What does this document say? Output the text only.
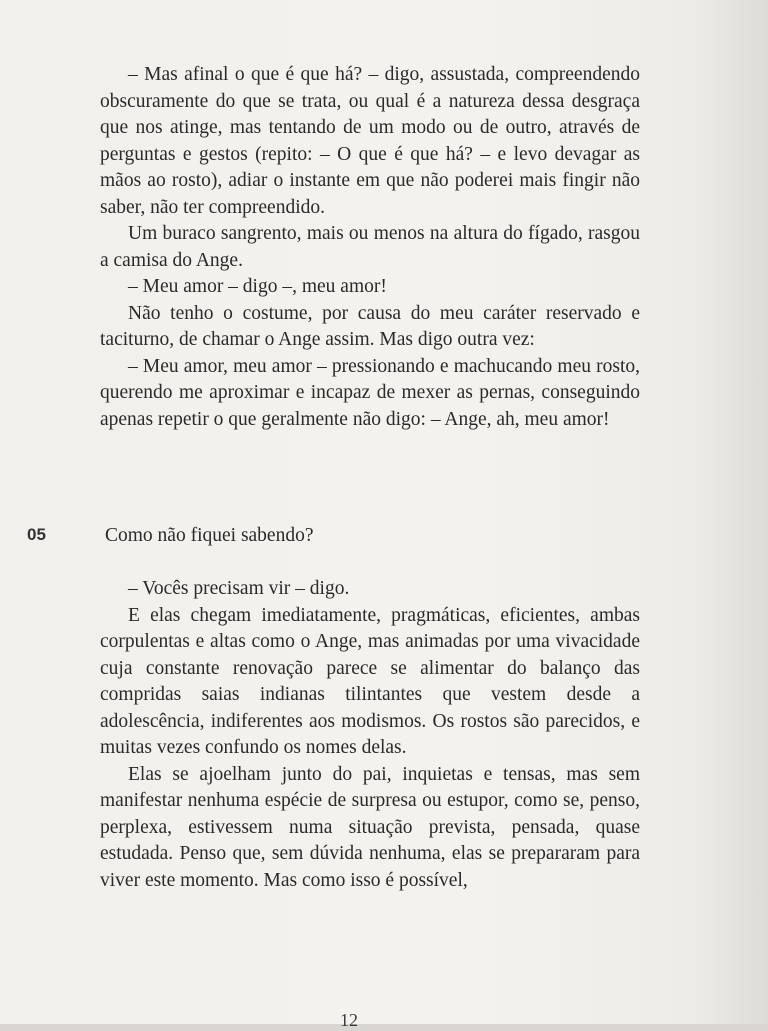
– Mas afinal o que é que há? – digo, assustada, compreendendo obscuramente do que se trata, ou qual é a natureza dessa desgraça que nos atinge, mas tentando de um modo ou de outro, através de perguntas e gestos (repito: – O que é que há? – e levo devagar as mãos ao rosto), adiar o instante em que não poderei mais fingir não saber, não ter compreendido.

Um buraco sangrento, mais ou menos na altura do fígado, rasgou a camisa do Ange.

– Meu amor – digo –, meu amor!

Não tenho o costume, por causa do meu caráter reservado e taciturno, de chamar o Ange assim. Mas digo outra vez:

– Meu amor, meu amor – pressionando e machucando meu rosto, querendo me aproximar e incapaz de mexer as pernas, conseguindo apenas repetir o que geralmente não digo: – Ange, ah, meu amor!

05	Como não fiquei sabendo?

– Vocês precisam vir – digo.

E elas chegam imediatamente, pragmáticas, eficientes, ambas corpulentas e altas como o Ange, mas animadas por uma vivacidade cuja constante renovação parece se alimentar do balanço das compridas saias indianas tilintantes que vestem desde a adolescência, indiferentes aos modismos. Os rostos são parecidos, e muitas vezes confundo os nomes delas.

Elas se ajoelham junto do pai, inquietas e tensas, mas sem manifestar nenhuma espécie de surpresa ou estupor, como se, penso, perplexa, estivessem numa situação prevista, pensada, quase estudada. Penso que, sem dúvida nenhuma, elas se prepararam para viver este momento. Mas como isso é possível,

12
